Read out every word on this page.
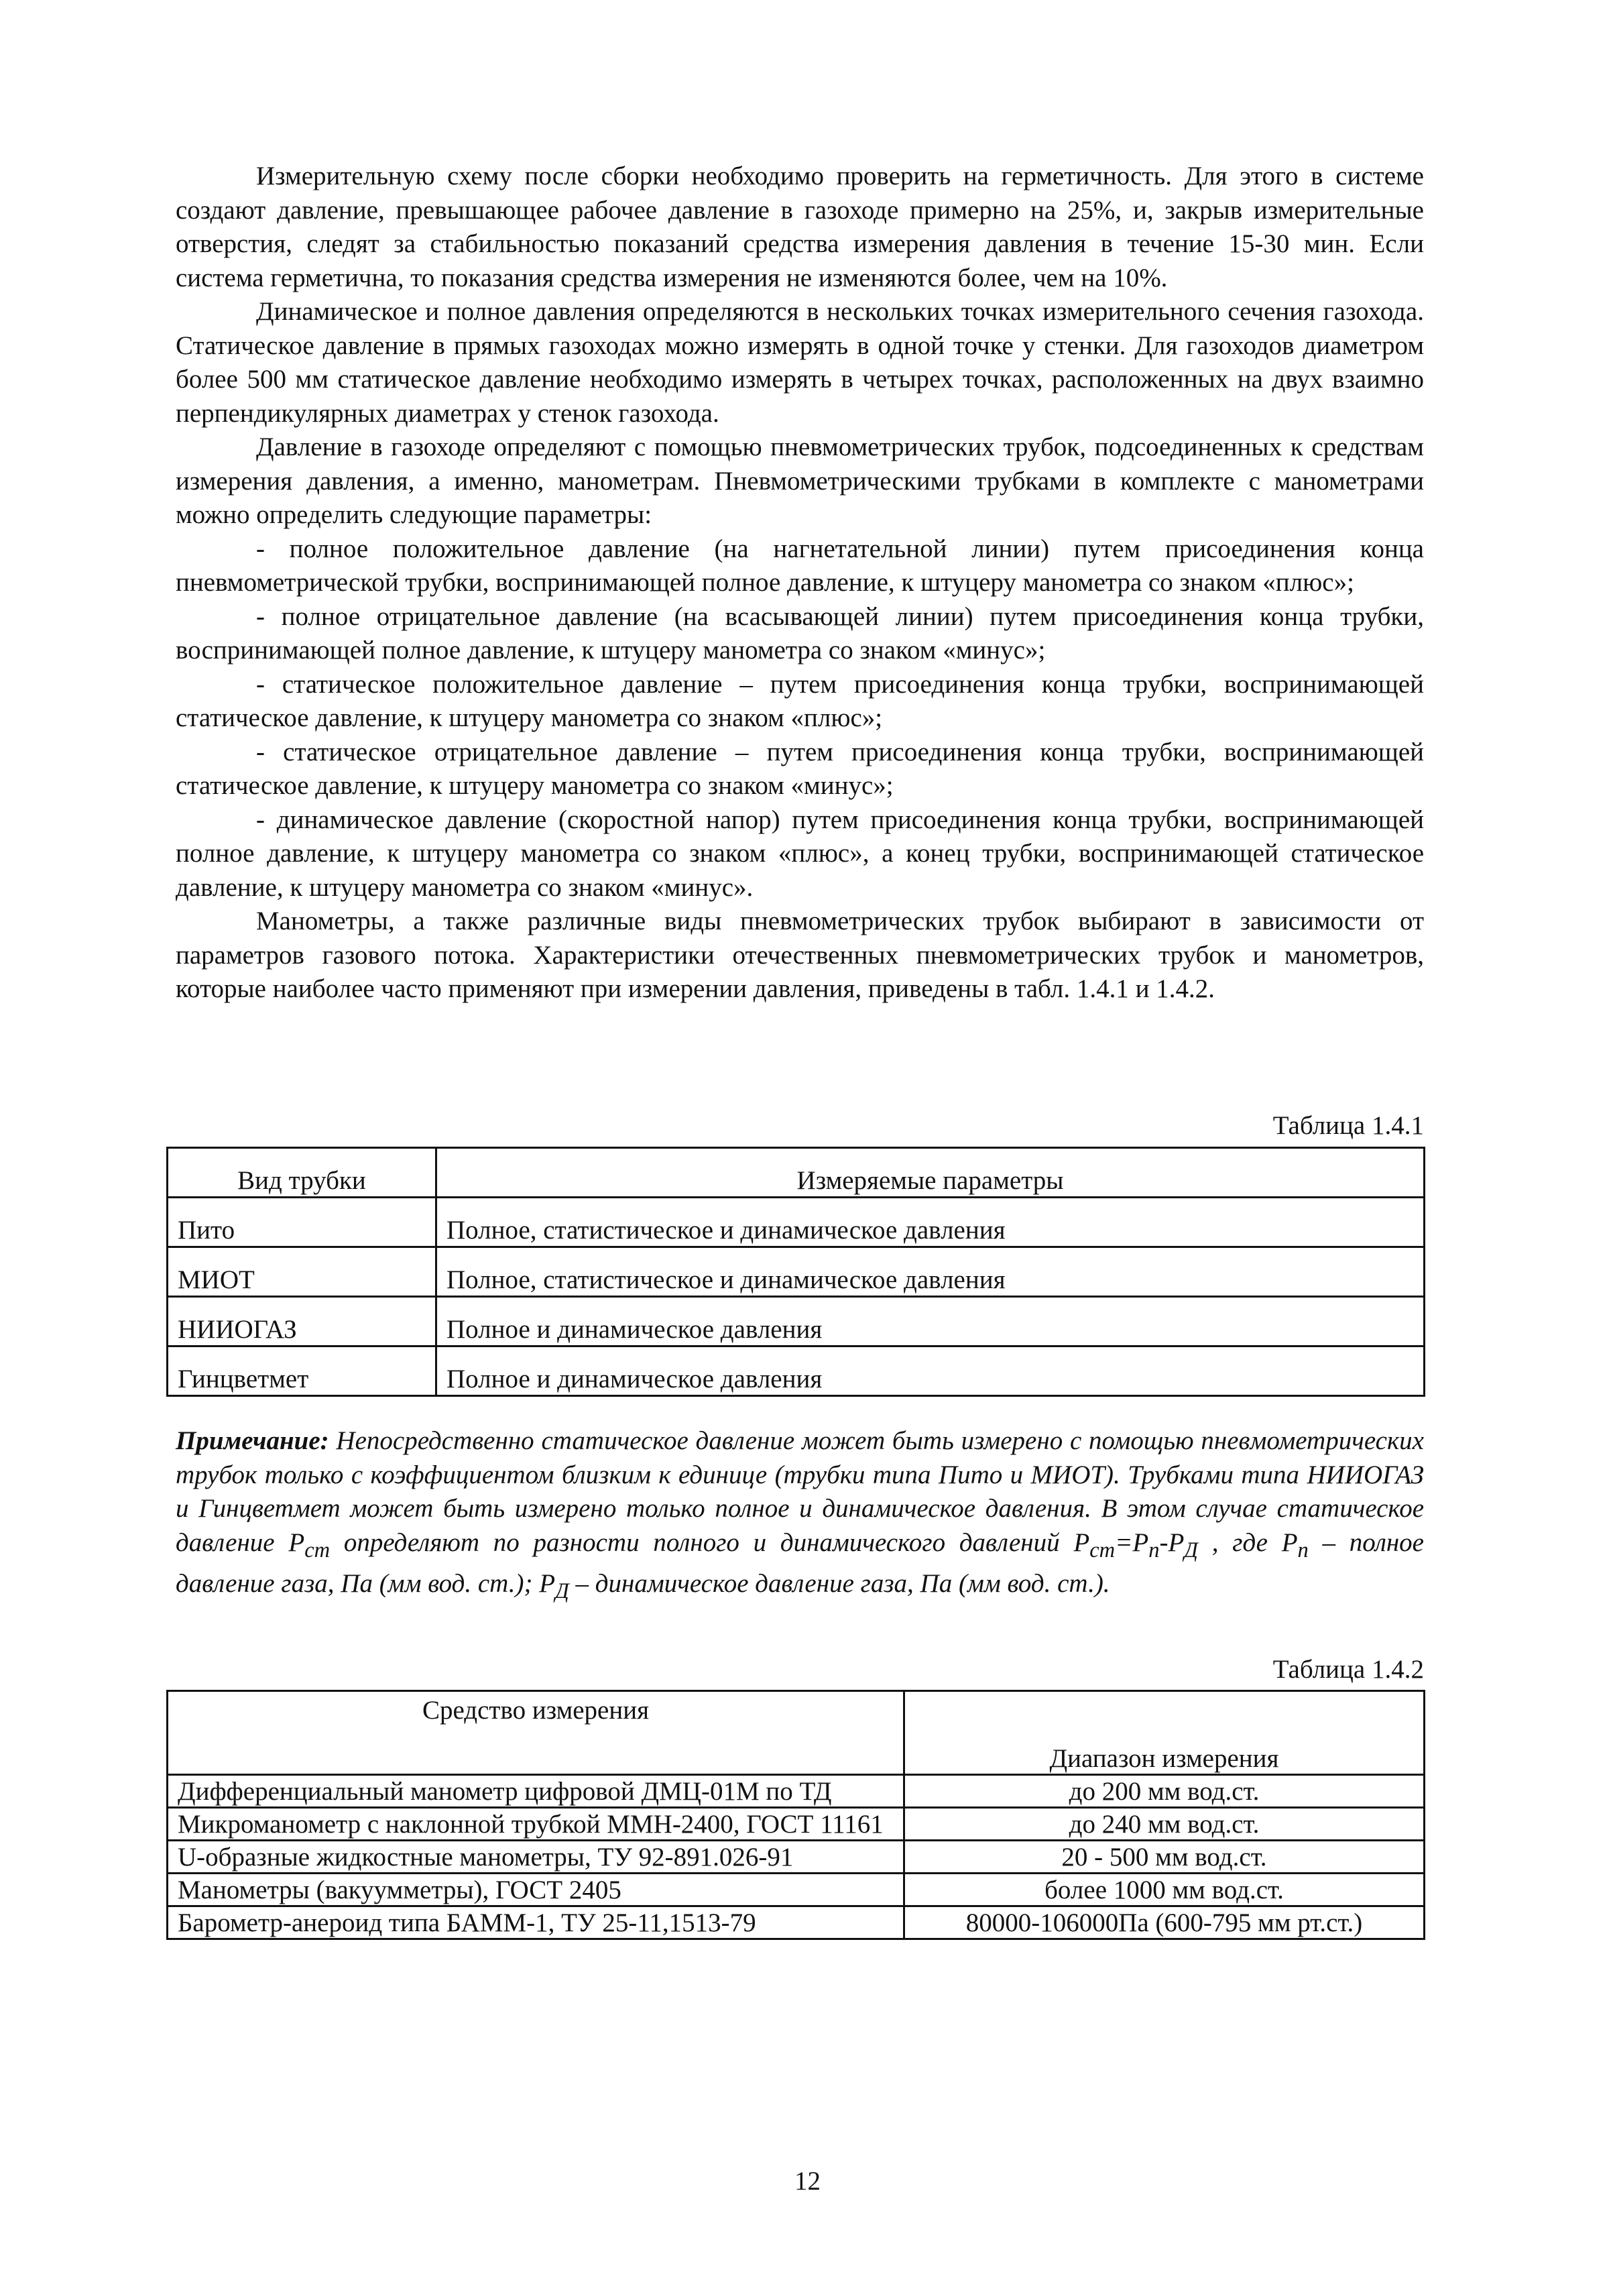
Измерительную схему после сборки необходимо проверить на герметичность. Для этого в системе создают давление, превышающее рабочее давление в газоходе примерно на 25%, и, закрыв измерительные отверстия, следят за стабильностью показаний средства измерения давления в течение 15-30 мин. Если система герметична, то показания средства измерения не изменяются более, чем на 10%.

Динамическое и полное давления определяются в нескольких точках измерительного сечения газохода. Статическое давление в прямых газоходах можно измерять в одной точке у стенки. Для газоходов диаметром более 500 мм статическое давление необходимо измерять в четырех точках, расположенных на двух взаимно перпендикулярных диаметрах у стенок газохода.

Давление в газоходе определяют с помощью пневмометрических трубок, подсоединенных к средствам измерения давления, а именно, манометрам. Пневмометрическими трубками в комплекте с манометрами можно определить следующие параметры:

- полное положительное давление (на нагнетательной линии) путем присоединения конца пневмометрической трубки, воспринимающей полное давление, к штуцеру манометра со знаком «плюс»;

- полное отрицательное давление (на всасывающей линии) путем присоединения конца трубки, воспринимающей полное давление, к штуцеру манометра со знаком «минус»;

- статическое положительное давление – путем присоединения конца трубки, воспринимающей статическое давление, к штуцеру манометра со знаком «плюс»;

- статическое отрицательное давление – путем присоединения конца трубки, воспринимающей статическое давление, к штуцеру манометра со знаком «минус»;

- динамическое давление (скоростной напор) путем присоединения конца трубки, воспринимающей полное давление, к штуцеру манометра со знаком «плюс», а конец трубки, воспринимающей статическое давление, к штуцеру манометра со знаком «минус».

Манометры, а также различные виды пневмометрических трубок выбирают в зависимости от параметров газового потока. Характеристики отечественных пневмометрических трубок и манометров, которые наиболее часто применяют при измерении давления, приведены в табл. 1.4.1 и 1.4.2.

Таблица 1.4.1
Вид трубки	Измеряемые параметры
Пито	Полное, статистическое и динамическое давления
МИОТ	Полное, статистическое и динамическое давления
НИИОГАЗ	Полное и динамическое давления
Гинцветмет	Полное и динамическое давления
Примечание: Непосредственно статическое давление может быть измерено с помощью пневмометрических трубок только с коэффициентом близким к единице (трубки типа Пито и МИОТ). Трубками типа НИИОГАЗ и Гинцветмет может быть измерено только полное и динамическое давления. В этом случае статическое давление $P_{ст}$ определяют по разности полного и динамического давлений $P_{ст}=P_п-P_Д$ , где $P_п$ – полное давление газа, Па (мм вод. ст.); $P_Д$ – динамическое давление газа, Па (мм вод. ст.).
Таблица 1.4.2
Средство измерения	Диапазон измерения
Дифференциальный манометр цифровой ДМЦ-01М по ТД	до 200 мм вод.ст.
Микроманометр с наклонной трубкой ММН-2400, ГОСТ 11161	до 240 мм вод.ст.
U-образные жидкостные манометры, ТУ 92-891.026-91	20 - 500 мм вод.ст.
Манометры (вакуумметры), ГОСТ 2405	более 1000 мм вод.ст.
Барометр-анероид типа БАММ-1, ТУ 25-11,1513-79	80000-106000Па (600-795 мм рт.ст.)
12
